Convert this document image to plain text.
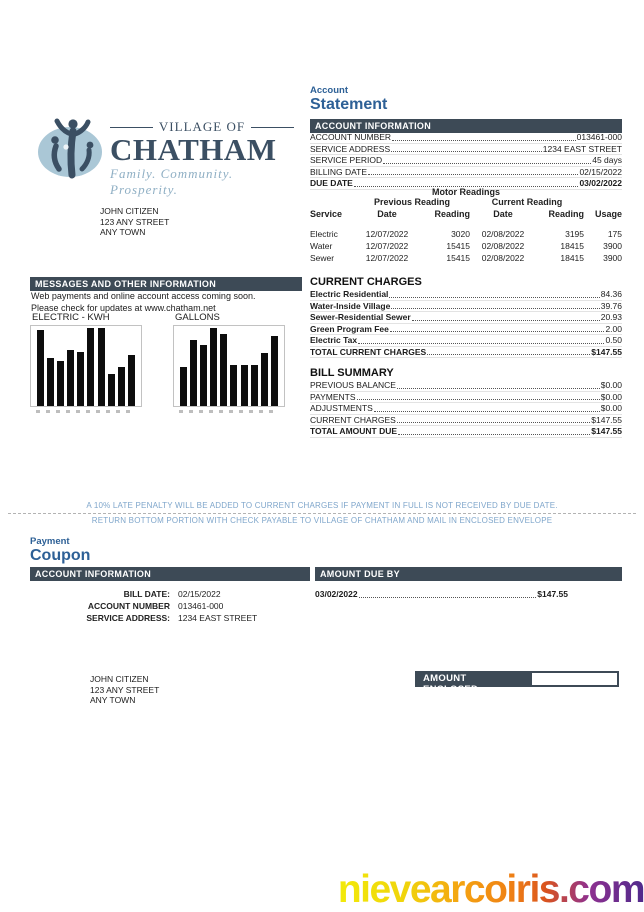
VILLAGE OF
CHATHAM
Family. Community. Prosperity.
JOHN CITIZEN
123 ANY STREET
ANY TOWN
Account
Statement
ACCOUNT INFORMATION
ACCOUNT NUMBER	013461-000
SERVICE ADDRESS	1234 EAST STREET
SERVICE PERIOD	45 days
BILLING DATE	02/15/2022
DUE DATE	03/02/2022
Motor Readings
	Previous Reading		Current Reading		
Service	Date	Reading	Date	Reading	Usage

Electric	12/07/2022	3020	02/08/2022	3195	175
Water	12/07/2022	15415	02/08/2022	18415	3900
Sewer	12/07/2022	15415	02/08/2022	18415	3900
CURRENT CHARGES
Electric Residential	84.36
Water-Inside Village	39.76
Sewer-Residential Sewer	20.93
Green Program Fee	2.00
Electric Tax	0.50
TOTAL CURRENT CHARGES	$147.55
BILL SUMMARY
PREVIOUS BALANCE	$0.00
PAYMENTS	$0.00
ADJUSTMENTS	$0.00
CURRENT CHARGES	$147.55
TOTAL AMOUNT DUE	$147.55
MESSAGES AND OTHER INFORMATION
Web payments and online account access coming soon.
Please check for updates at www.chatham.net
ELECTRIC - KWH	GALLONS
A 10% LATE PENALTY WILL BE ADDED TO CURRENT CHARGES IF PAYMENT IN FULL IS NOT RECEIVED BY DUE DATE.
RETURN BOTTOM PORTION WITH CHECK PAYABLE TO VILLAGE OF CHATHAM AND MAIL IN ENCLOSED ENVELOPE
Payment
Coupon
ACCOUNT INFORMATION	AMOUNT DUE BY
BILL DATE: 02/15/2022
ACCOUNT NUMBER 013461-000
SERVICE ADDRESS: 1234 EAST STREET
03/02/2022	$147.55
JOHN CITIZEN
123 ANY STREET
ANY TOWN
AMOUNT ENCLOSED
nievearcoiris.com
